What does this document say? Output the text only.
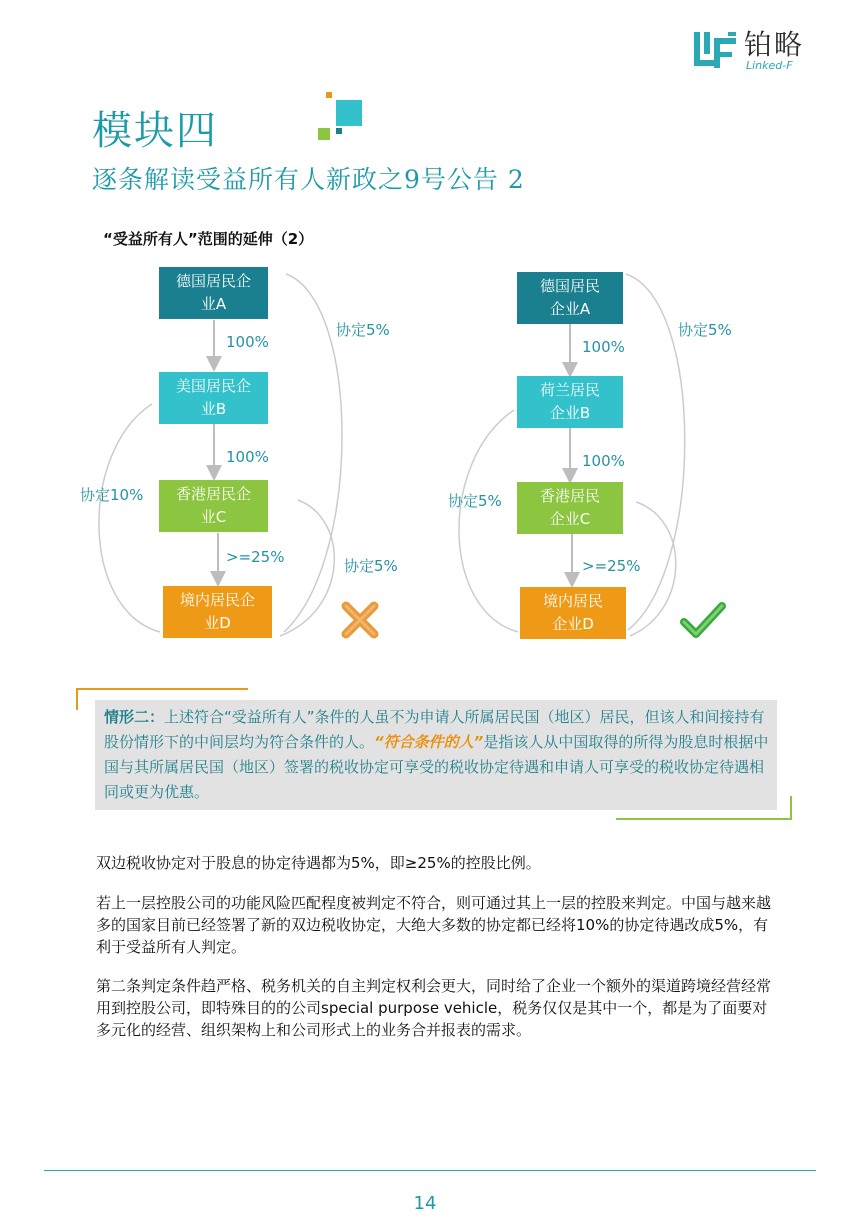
铂略
Linked-F
模块四
逐条解读受益所有人新政之9号公告 2
“受益所有人”范围的延伸（2）
德国居民企
业A
美国居民企
业B
香港居民企
业C
境内居民企
业D
100%
100%
>=25%
协定5%
协定10%
协定5%
德国居民
企业A
荷兰居民
企业B
香港居民
企业C
境内居民
企业D
100%
100%
>=25%
协定5%
协定5%
情形二：上述符合“受益所有人”条件的人虽不为申请人所属居民国（地区）居民，但该人和间接持有股份情形下的中间层均为符合条件的人。“符合条件的人”是指该人从中国取得的所得为股息时根据中国与其所属居民国（地区）签署的税收协定可享受的税收协定待遇和申请人可享受的税收协定待遇相同或更为优惠。
双边税收协定对于股息的协定待遇都为5%，即≥25%的控股比例。
若上一层控股公司的功能风险匹配程度被判定不符合，则可通过其上一层的控股来判定。中国与越来越多的国家目前已经签署了新的双边税收协定，大绝大多数的协定都已经将10%的协定待遇改成5%，有利于受益所有人判定。
第二条判定条件趋严格、税务机关的自主判定权利会更大，同时给了企业一个额外的渠道跨境经营经常用到控股公司，即特殊目的的公司special purpose vehicle，税务仅仅是其中一个，都是为了面要对多元化的经营、组织架构上和公司形式上的业务合并报表的需求。
14
